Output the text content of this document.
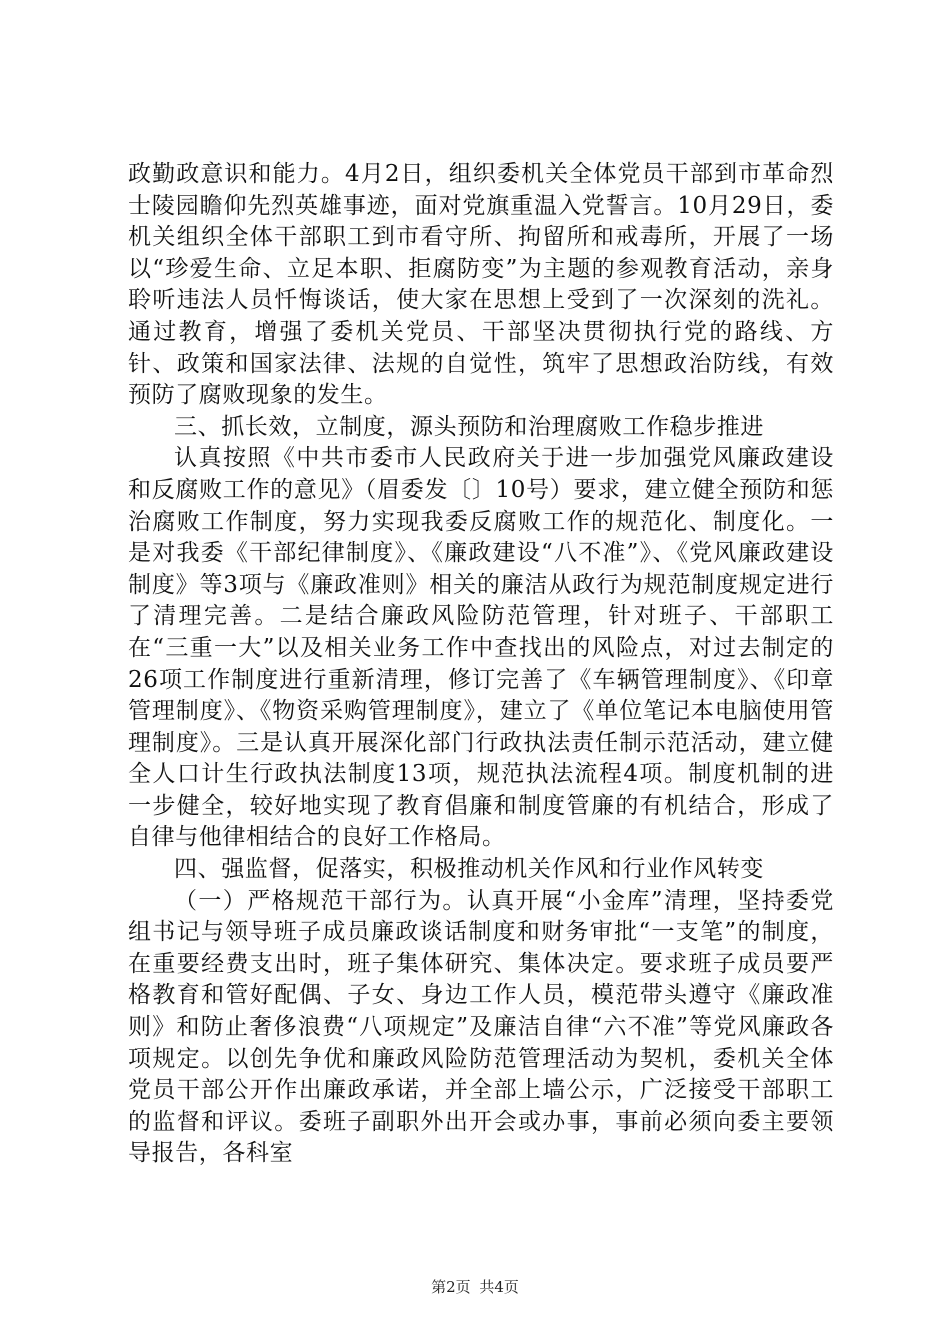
政勤政意识和能力。4月2日，组织委机关全体党员干部到市革命烈士陵园瞻仰先烈英雄事迹，面对党旗重温入党誓言。10月29日，委机关组织全体干部职工到市看守所、拘留所和戒毒所，开展了一场以“珍爱生命、立足本职、拒腐防变”为主题的参观教育活动，亲身聆听违法人员忏悔谈话，使大家在思想上受到了一次深刻的洗礼。通过教育，增强了委机关党员、干部坚决贯彻执行党的路线、方针、政策和国家法律、法规的自觉性，筑牢了思想政治防线，有效预防了腐败现象的发生。

三、抓长效，立制度，源头预防和治理腐败工作稳步推进

认真按照《中共市委市人民政府关于进一步加强党风廉政建设和反腐败工作的意见》（眉委发〔〕10号）要求，建立健全预防和惩治腐败工作制度，努力实现我委反腐败工作的规范化、制度化。一是对我委《干部纪律制度》、《廉政建设“八不准”》、《党风廉政建设制度》等3项与《廉政准则》相关的廉洁从政行为规范制度规定进行了清理完善。二是结合廉政风险防范管理，针对班子、干部职工在“三重一大”以及相关业务工作中查找出的风险点，对过去制定的26项工作制度进行重新清理，修订完善了《车辆管理制度》、《印章管理制度》、《物资采购管理制度》，建立了《单位笔记本电脑使用管理制度》。三是认真开展深化部门行政执法责任制示范活动，建立健全人口计生行政执法制度13项，规范执法流程4项。制度机制的进一步健全，较好地实现了教育倡廉和制度管廉的有机结合，形成了自律与他律相结合的良好工作格局。

四、强监督，促落实，积极推动机关作风和行业作风转变

（一）严格规范干部行为。认真开展“小金库”清理，坚持委党组书记与领导班子成员廉政谈话制度和财务审批“一支笔”的制度，在重要经费支出时，班子集体研究、集体决定。要求班子成员要严格教育和管好配偶、子女、身边工作人员，模范带头遵守《廉政准则》和防止奢侈浪费“八项规定”及廉洁自律“六不准”等党风廉政各项规定。以创先争优和廉政风险防范管理活动为契机，委机关全体党员干部公开作出廉政承诺，并全部上墙公示，广泛接受干部职工的监督和评议。委班子副职外出开会或办事，事前必须向委主要领导报告，各科室

第2页 共4页
